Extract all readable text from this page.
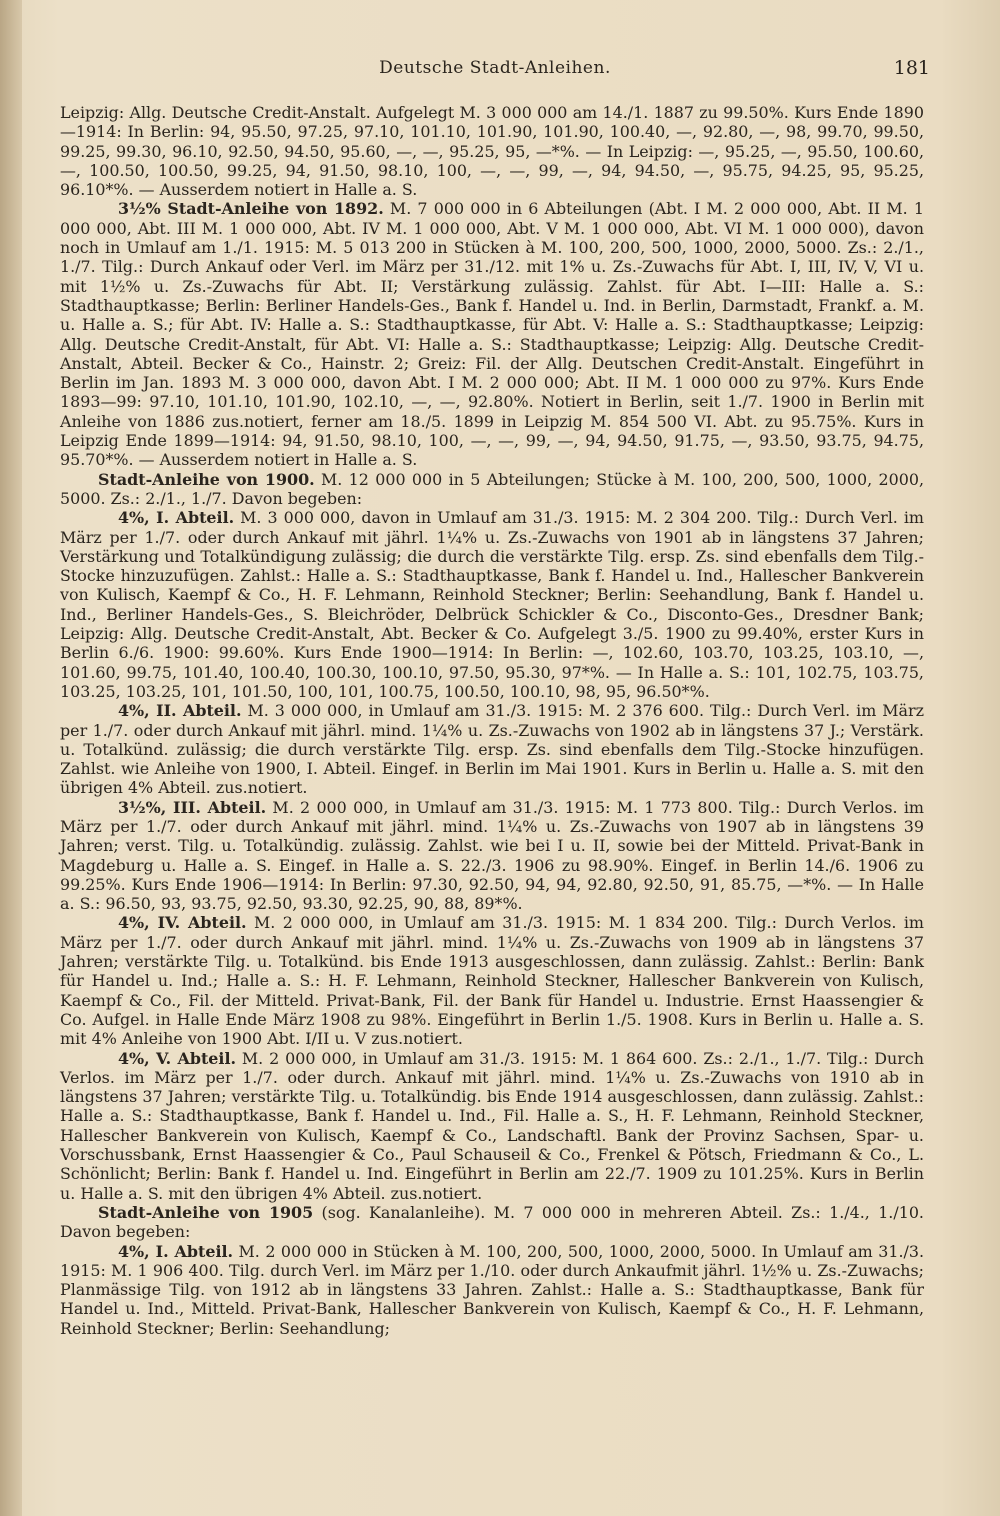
Deutsche Stadt-Anleihen.	181

Leipzig: Allg. Deutsche Credit-Anstalt. Aufgelegt M. 3 000 000 am 14./1. 1887 zu 99.50%. Kurs Ende 1890—1914: In Berlin: 94, 95.50, 97.25, 97.10, 101.10, 101.90, 101.90, 100.40, —, 92.80, —, 98, 99.70, 99.50, 99.25, 99.30, 96.10, 92.50, 94.50, 95.60, —, —, 95.25, 95, —*%. — In Leipzig: —, 95.25, —, 95.50, 100.60, —, 100.50, 100.50, 99.25, 94, 91.50, 98.10, 100, —, —, 99, —, 94, 94.50, —, 95.75, 94.25, 95, 95.25, 96.10*%. — Ausserdem notiert in Halle a. S.

3½% Stadt-Anleihe von 1892. M. 7 000 000 in 6 Abteilungen (Abt. I M. 2 000 000, Abt. II M. 1 000 000, Abt. III M. 1 000 000, Abt. IV M. 1 000 000, Abt. V M. 1 000 000, Abt. VI M. 1 000 000), davon noch in Umlauf am 1./1. 1915: M. 5 013 200 in Stücken à M. 100, 200, 500, 1000, 2000, 5000. Zs.: 2./1., 1./7. Tilg.: Durch Ankauf oder Verl. im März per 31./12. mit 1% u. Zs.-Zuwachs für Abt. I, III, IV, V, VI u. mit 1½% u. Zs.-Zuwachs für Abt. II; Verstärkung zulässig. Zahlst. für Abt. I—III: Halle a. S.: Stadthauptkasse; Berlin: Berliner Handels-Ges., Bank f. Handel u. Ind. in Berlin, Darmstadt, Frankf. a. M. u. Halle a. S.; für Abt. IV: Halle a. S.: Stadthauptkasse, für Abt. V: Halle a. S.: Stadthauptkasse; Leipzig: Allg. Deutsche Credit-Anstalt, für Abt. VI: Halle a. S.: Stadthauptkasse; Leipzig: Allg. Deutsche Credit-Anstalt, Abteil. Becker & Co., Hainstr. 2; Greiz: Fil. der Allg. Deutschen Credit-Anstalt. Eingeführt in Berlin im Jan. 1893 M. 3 000 000, davon Abt. I M. 2 000 000; Abt. II M. 1 000 000 zu 97%. Kurs Ende 1893—99: 97.10, 101.10, 101.90, 102.10, —, —, 92.80%. Notiert in Berlin, seit 1./7. 1900 in Berlin mit Anleihe von 1886 zus.notiert, ferner am 18./5. 1899 in Leipzig M. 854 500 VI. Abt. zu 95.75%. Kurs in Leipzig Ende 1899—1914: 94, 91.50, 98.10, 100, —, —, 99, —, 94, 94.50, 91.75, —, 93.50, 93.75, 94.75, 95.70*%. — Ausserdem notiert in Halle a. S.

Stadt-Anleihe von 1900. M. 12 000 000 in 5 Abteilungen; Stücke à M. 100, 200, 500, 1000, 2000, 5000. Zs.: 2./1., 1./7. Davon begeben:

4%, I. Abteil. M. 3 000 000, davon in Umlauf am 31./3. 1915: M. 2 304 200. Tilg.: Durch Verl. im März per 1./7. oder durch Ankauf mit jährl. 1¼% u. Zs.-Zuwachs von 1901 ab in längstens 37 Jahren; Verstärkung und Totalkündigung zulässig; die durch die verstärkte Tilg. ersp. Zs. sind ebenfalls dem Tilg.-Stocke hinzuzufügen. Zahlst.: Halle a. S.: Stadthauptkasse, Bank f. Handel u. Ind., Hallescher Bankverein von Kulisch, Kaempf & Co., H. F. Lehmann, Reinhold Steckner; Berlin: Seehandlung, Bank f. Handel u. Ind., Berliner Handels-Ges., S. Bleichröder, Delbrück Schickler & Co., Disconto-Ges., Dresdner Bank; Leipzig: Allg. Deutsche Credit-Anstalt, Abt. Becker & Co. Aufgelegt 3./5. 1900 zu 99.40%, erster Kurs in Berlin 6./6. 1900: 99.60%. Kurs Ende 1900—1914: In Berlin: —, 102.60, 103.70, 103.25, 103.10, —, 101.60, 99.75, 101.40, 100.40, 100.30, 100.10, 97.50, 95.30, 97*%. — In Halle a. S.: 101, 102.75, 103.75, 103.25, 103.25, 101, 101.50, 100, 101, 100.75, 100.50, 100.10, 98, 95, 96.50*%.

4%, II. Abteil. M. 3 000 000, in Umlauf am 31./3. 1915: M. 2 376 600. Tilg.: Durch Verl. im März per 1./7. oder durch Ankauf mit jährl. mind. 1¼% u. Zs.-Zuwachs von 1902 ab in längstens 37 J.; Verstärk. u. Totalkünd. zulässig; die durch verstärkte Tilg. ersp. Zs. sind ebenfalls dem Tilg.-Stocke hinzufügen. Zahlst. wie Anleihe von 1900, I. Abteil. Eingef. in Berlin im Mai 1901. Kurs in Berlin u. Halle a. S. mit den übrigen 4% Abteil. zus.notiert.

3½%, III. Abteil. M. 2 000 000, in Umlauf am 31./3. 1915: M. 1 773 800. Tilg.: Durch Verlos. im März per 1./7. oder durch Ankauf mit jährl. mind. 1¼% u. Zs.-Zuwachs von 1907 ab in längstens 39 Jahren; verst. Tilg. u. Totalkündig. zulässig. Zahlst. wie bei I u. II, sowie bei der Mitteld. Privat-Bank in Magdeburg u. Halle a. S. Eingef. in Halle a. S. 22./3. 1906 zu 98.90%. Eingef. in Berlin 14./6. 1906 zu 99.25%. Kurs Ende 1906—1914: In Berlin: 97.30, 92.50, 94, 94, 92.80, 92.50, 91, 85.75, —*%. — In Halle a. S.: 96.50, 93, 93.75, 92.50, 93.30, 92.25, 90, 88, 89*%.

4%, IV. Abteil. M. 2 000 000, in Umlauf am 31./3. 1915: M. 1 834 200. Tilg.: Durch Verlos. im März per 1./7. oder durch Ankauf mit jährl. mind. 1¼% u. Zs.-Zuwachs von 1909 ab in längstens 37 Jahren; verstärkte Tilg. u. Totalkünd. bis Ende 1913 ausgeschlossen, dann zulässig. Zahlst.: Berlin: Bank für Handel u. Ind.; Halle a. S.: H. F. Lehmann, Reinhold Steckner, Hallescher Bankverein von Kulisch, Kaempf & Co., Fil. der Mitteld. Privat-Bank, Fil. der Bank für Handel u. Industrie. Ernst Haassengier & Co. Aufgel. in Halle Ende März 1908 zu 98%. Eingeführt in Berlin 1./5. 1908. Kurs in Berlin u. Halle a. S. mit 4% Anleihe von 1900 Abt. I/II u. V zus.notiert.

4%, V. Abteil. M. 2 000 000, in Umlauf am 31./3. 1915: M. 1 864 600. Zs.: 2./1., 1./7. Tilg.: Durch Verlos. im März per 1./7. oder durch. Ankauf mit jährl. mind. 1¼% u. Zs.-Zuwachs von 1910 ab in längstens 37 Jahren; verstärkte Tilg. u. Totalkündig. bis Ende 1914 ausgeschlossen, dann zulässig. Zahlst.: Halle a. S.: Stadthauptkasse, Bank f. Handel u. Ind., Fil. Halle a. S., H. F. Lehmann, Reinhold Steckner, Hallescher Bankverein von Kulisch, Kaempf & Co., Landschaftl. Bank der Provinz Sachsen, Spar- u. Vorschussbank, Ernst Haassengier & Co., Paul Schauseil & Co., Frenkel & Pötsch, Friedmann & Co., L. Schönlicht; Berlin: Bank f. Handel u. Ind. Eingeführt in Berlin am 22./7. 1909 zu 101.25%. Kurs in Berlin u. Halle a. S. mit den übrigen 4% Abteil. zus.notiert.

Stadt-Anleihe von 1905 (sog. Kanalanleihe). M. 7 000 000 in mehreren Abteil. Zs.: 1./4., 1./10. Davon begeben:

4%, I. Abteil. M. 2 000 000 in Stücken à M. 100, 200, 500, 1000, 2000, 5000. In Umlauf am 31./3. 1915: M. 1 906 400. Tilg. durch Verl. im März per 1./10. oder durch Ankaufmit jährl. 1½% u. Zs.-Zuwachs; Planmässige Tilg. von 1912 ab in längstens 33 Jahren. Zahlst.: Halle a. S.: Stadthauptkasse, Bank für Handel u. Ind., Mitteld. Privat-Bank, Hallescher Bankverein von Kulisch, Kaempf & Co., H. F. Lehmann, Reinhold Steckner; Berlin: Seehandlung;
